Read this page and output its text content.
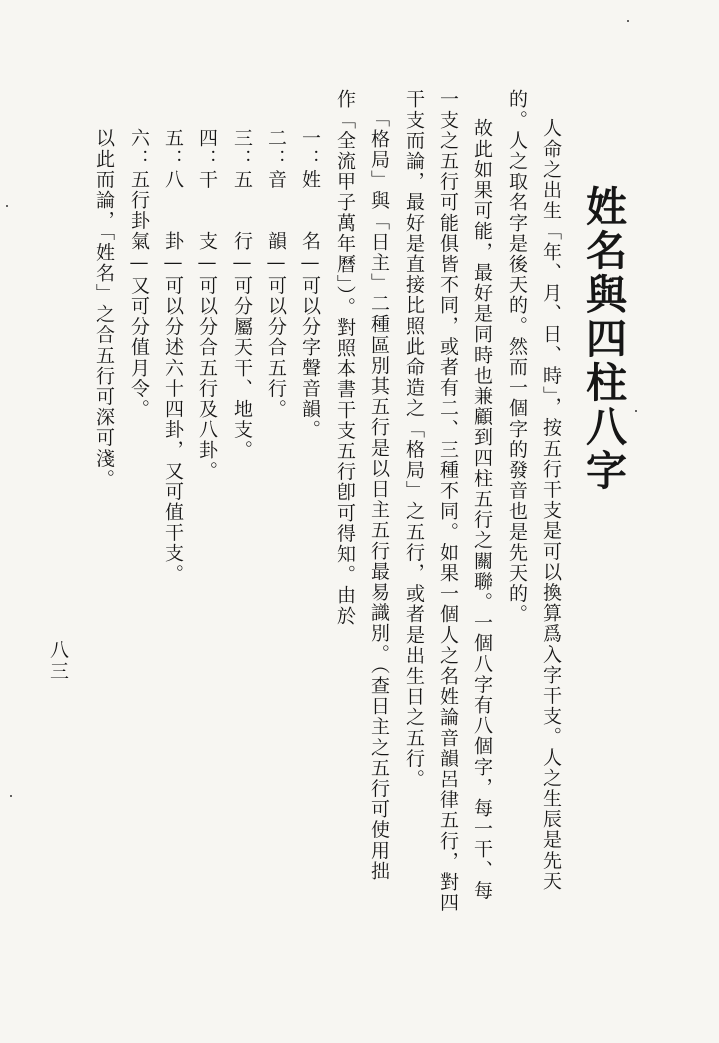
姓名與四柱八字
人命之出生「年、月、日、時」，按五行干支是可以換算爲入字干支。人之生辰是先天
的。人之取名字是後天的。然而一個字的發音也是先天的。
故此如果可能，最好是同時也兼顧到四柱五行之關聯。一個八字有八個字，每一干、每
一支之五行可能俱皆不同，或者有二、三種不同。如果一個人之名姓論音韻呂律五行，對四
干支而論，最好是直接比照此命造之「格局」之五行，或者是出生日之五行。
「格局」與「日主」二種區別其五行是以日主五行最易識別。（查日主之五行可使用拙
作「全流甲子萬年曆」）。對照本書干支五行卽可得知。由於
一：姓　　名—可以分字聲音韻。
二：音　　韻—可以分合五行。
三：五　　行—可分屬天干、地支。
四：干　　支—可以分合五行及八卦。
五：八　　卦—可以分述六十四卦，又可值干支。
六：五行卦氣—又可分值月令。
以此而論，「姓名」之合五行可深可淺。
八三
